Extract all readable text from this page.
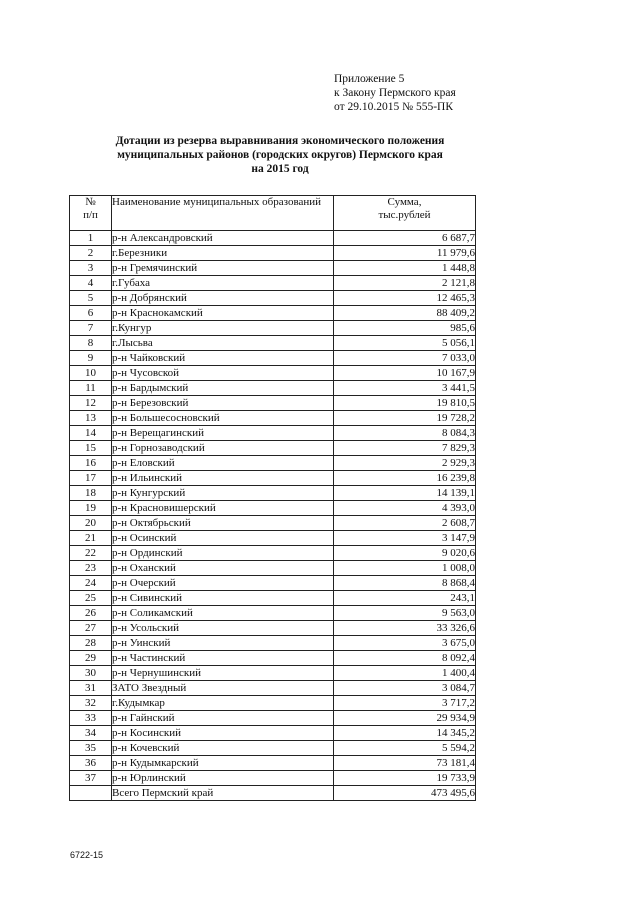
Приложение 5
к Закону Пермского края
от 29.10.2015 № 555-ПК
Дотации из резерва выравнивания экономического положения
муниципальных районов (городских округов) Пермского края
на 2015 год
№
п/п	Наименование муниципальных образований	Сумма,
тыс.рублей

1	р-н Александровский	6 687,7
2	г.Березники	11 979,6
3	р-н Гремячинский	1 448,8
4	г.Губаха	2 121,8
5	р-н Добрянский	12 465,3
6	р-н Краснокамский	88 409,2
7	г.Кунгур	985,6
8	г.Лысьва	5 056,1
9	р-н Чайковский	7 033,0
10	р-н Чусовской	10 167,9
11	р-н Бардымский	3 441,5
12	р-н Березовский	19 810,5
13	р-н Большесосновский	19 728,2
14	р-н Верещагинский	8 084,3
15	р-н Горнозаводский	7 829,3
16	р-н Еловский	2 929,3
17	р-н Ильинский	16 239,8
18	р-н Кунгурский	14 139,1
19	р-н Красновишерский	4 393,0
20	р-н Октябрьский	2 608,7
21	р-н Осинский	3 147,9
22	р-н Ординский	9 020,6
23	р-н Оханский	1 008,0
24	р-н Очерский	8 868,4
25	р-н Сивинский	243,1
26	р-н Соликамский	9 563,0
27	р-н Усольский	33 326,6
28	р-н Уинский	3 675,0
29	р-н Частинский	8 092,4
30	р-н Чернушинский	1 400,4
31	ЗАТО Звездный	3 084,7
32	г.Кудымкар	3 717,2
33	р-н Гайнский	29 934,9
34	р-н Косинский	14 345,2
35	р-н Кочевский	5 594,2
36	р-н Кудымкарский	73 181,4
37	р-н Юрлинский	19 733,9
	Всего Пермский край	473 495,6
6722-15
